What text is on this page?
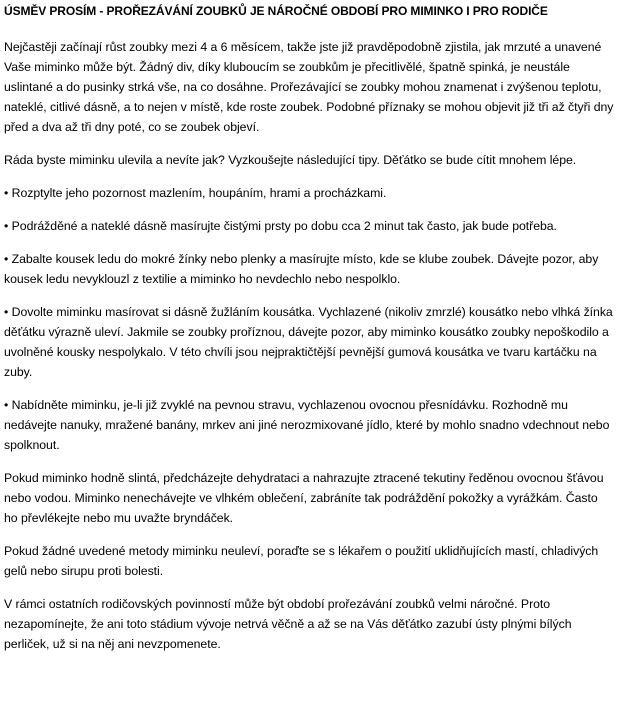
ÚSMĚV PROSÍM - PROŘEZÁVÁNÍ ZOUBKŮ JE NÁROČNÉ OBDOBÍ PRO MIMINKO I PRO RODIČE

Nejčastěji začínají růst zoubky mezi 4 a 6 měsícem, takže jste již pravděpodobně zjistila, jak mrzuté a unavené Vaše miminko může být. Žádný div, díky kluboucím se zoubkům je přecitlivělé, špatně spinká, je neustále uslintané a do pusinky strká vše, na co dosáhne. Prořezávající se zoubky mohou znamenat i zvýšenou teplotu, nateklé, citlivé dásně, a to nejen v místě, kde roste zoubek. Podobné příznaky se mohou objevit již tři až čtyři dny před a dva až tři dny poté, co se zoubek objeví.

Ráda byste miminku ulevila a nevíte jak? Vyzkoušejte následující tipy. Děťátko se bude cítit mnohem lépe.

• Rozptylte jeho pozornost mazlením, houpáním, hrami a procházkami.

• Podrážděné a nateklé dásně masírujte čistými prsty po dobu cca 2 minut tak často, jak bude potřeba.

• Zabalte kousek ledu do mokré žínky nebo plenky a masírujte místo, kde se klube zoubek. Dávejte pozor, aby kousek ledu nevyklouzl z textilie a miminko ho nevdechlo nebo nespolklo.

• Dovolte miminku masírovat si dásně žužláním kousátka. Vychlazené (nikoliv zmrzlé) kousátko nebo vlhká žínka děťátku výrazně uleví. Jakmile se zoubky proříznou, dávejte pozor, aby miminko kousátko zoubky nepoškodilo a uvolněné kousky nespolykalo. V této chvíli jsou nejpraktičtější pevnější gumová kousátka ve tvaru kartáčku na zuby.

• Nabídněte miminku, je-li již zvyklé na pevnou stravu, vychlazenou ovocnou přesnídávku. Rozhodně mu nedávejte nanuky, mražené banány, mrkev ani jiné nerozmixované jídlo, které by mohlo snadno vdechnout nebo spolknout.

Pokud miminko hodně slintá, předcházejte dehydrataci a nahrazujte ztracené tekutiny ředěnou ovocnou šťávou nebo vodou. Miminko nenechávejte ve vlhkém oblečení, zabráníte tak podráždění pokožky a vyrážkám. Často ho převlékejte nebo mu uvažte bryndáček.

Pokud žádné uvedené metody miminku neuleví, poraďte se s lékařem o použití uklidňujících mastí, chladivých gelů nebo sirupu proti bolesti.

V rámci ostatních rodičovských povinností může být období prořezávání zoubků velmi náročné. Proto nezapomínejte, že ani toto stádium vývoje netrvá věčně a až se na Vás děťátko zazubí ústy plnými bílých perliček, už si na něj ani nevzpomenete.
